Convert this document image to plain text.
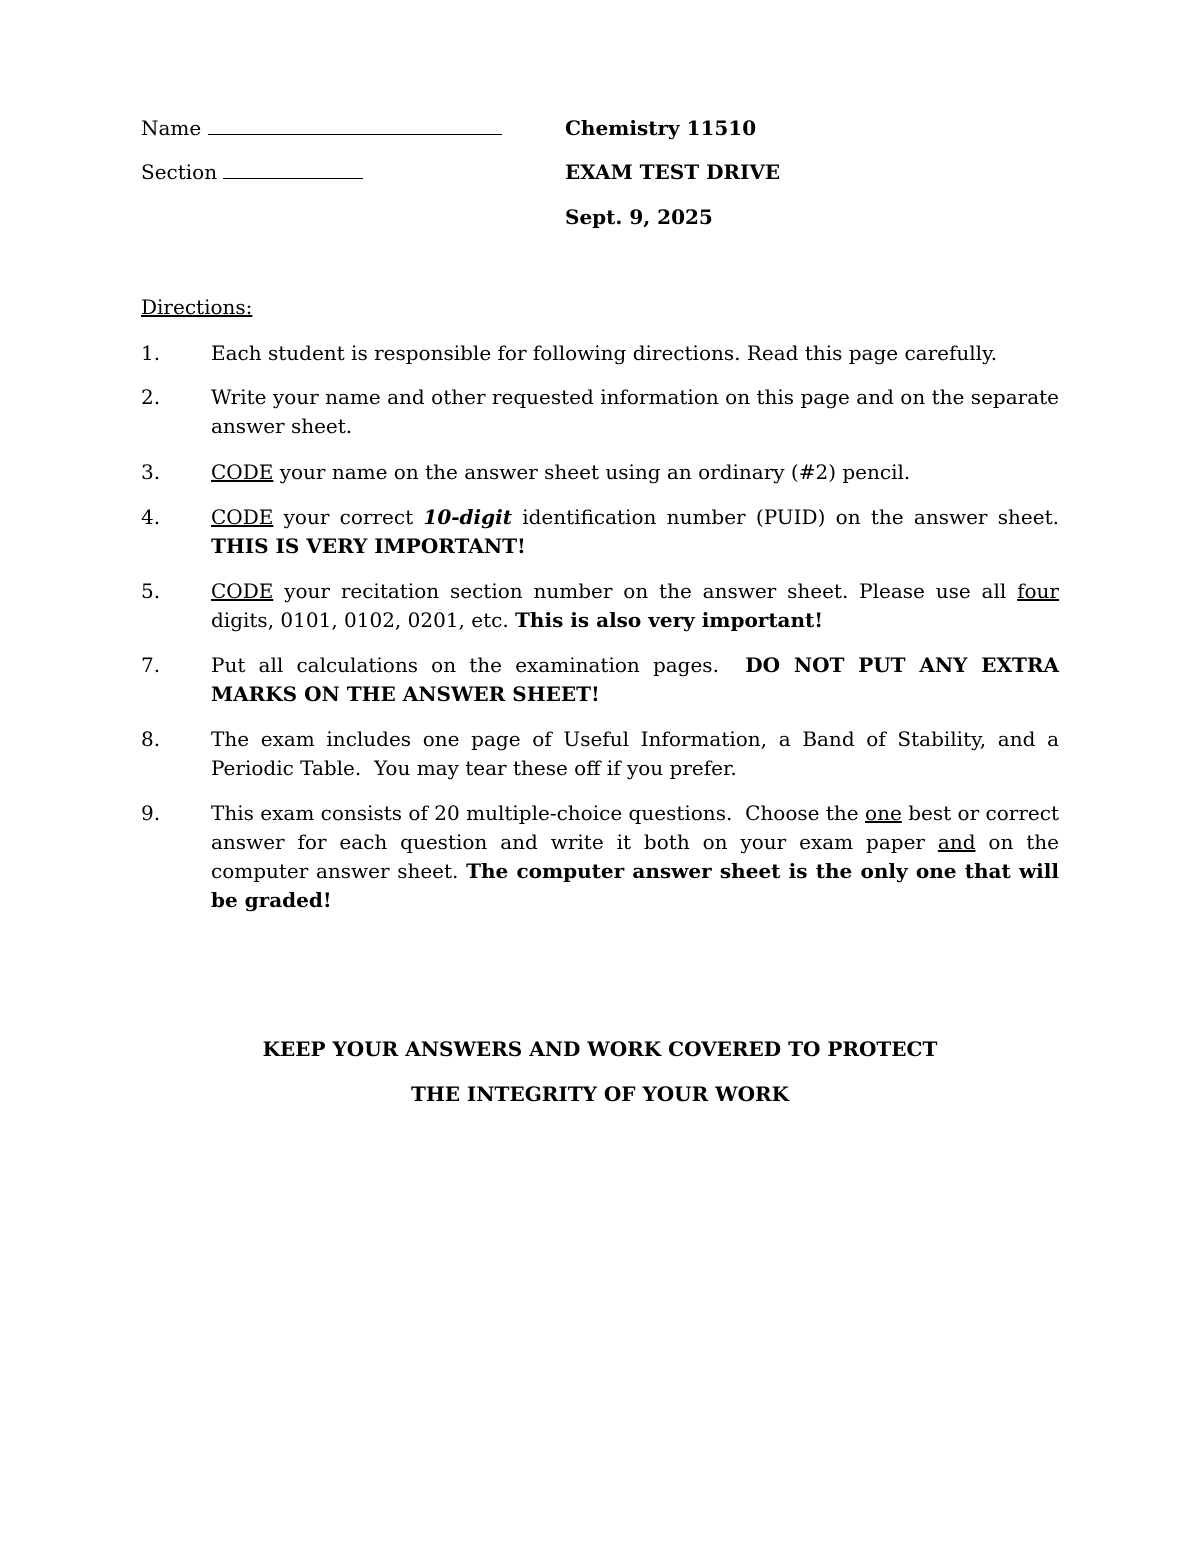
Name
Section
Chemistry 11510
EXAM TEST DRIVE
Sept. 9, 2025
Directions:
1.	Each student is responsible for following directions. Read this page carefully.
2.	Write your name and other requested information on this page and on the separate answer sheet.
3.	CODE your name on the answer sheet using an ordinary (#2) pencil.
4.	CODE your correct 10-digit identification number (PUID) on the answer sheet. THIS IS VERY IMPORTANT!
5.	CODE your recitation section number on the answer sheet. Please use all four digits, 0101, 0102, 0201, etc. This is also very important!
7.	Put all calculations on the examination pages.  DO NOT PUT ANY EXTRA MARKS ON THE ANSWER SHEET!
8.	The exam includes one page of Useful Information, a Band of Stability, and a Periodic Table.  You may tear these off if you prefer.
9.	This exam consists of 20 multiple-choice questions.  Choose the one best or correct answer for each question and write it both on your exam paper and on the computer answer sheet. The computer answer sheet is the only one that will be graded!
KEEP YOUR ANSWERS AND WORK COVERED TO PROTECT
THE INTEGRITY OF YOUR WORK
